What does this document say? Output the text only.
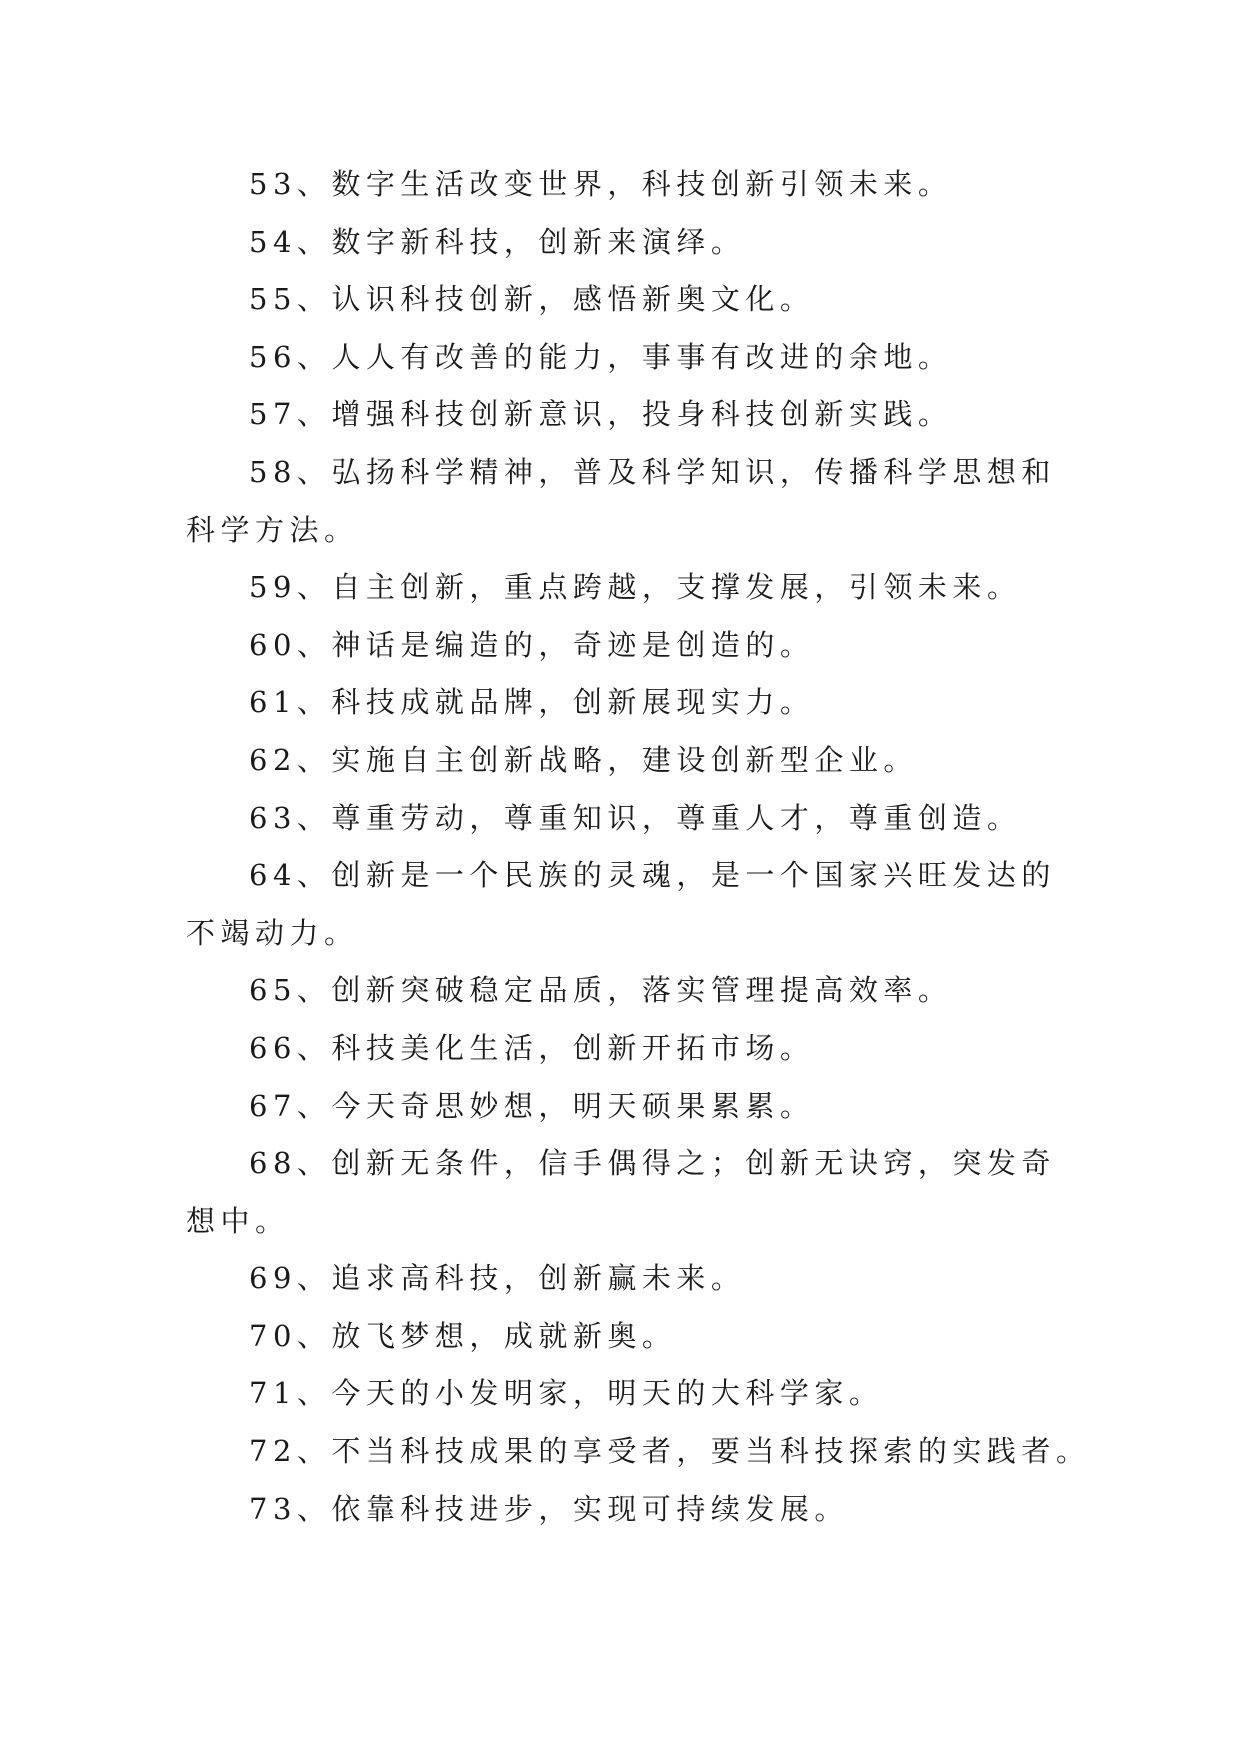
53、数字生活改变世界，科技创新引领未来。

54、数字新科技，创新来演绎。

55、认识科技创新，感悟新奥文化。

56、人人有改善的能力，事事有改进的余地。

57、增强科技创新意识，投身科技创新实践。

58、弘扬科学精神，普及科学知识，传播科学思想和科学方法。

59、自主创新，重点跨越，支撑发展，引领未来。

60、神话是编造的，奇迹是创造的。

61、科技成就品牌，创新展现实力。

62、实施自主创新战略，建设创新型企业。

63、尊重劳动，尊重知识，尊重人才，尊重创造。

64、创新是一个民族的灵魂，是一个国家兴旺发达的不竭动力。

65、创新突破稳定品质，落实管理提高效率。

66、科技美化生活，创新开拓市场。

67、今天奇思妙想，明天硕果累累。

68、创新无条件，信手偶得之；创新无诀窍，突发奇想中。

69、追求高科技，创新赢未来。

70、放飞梦想，成就新奥。

71、今天的小发明家，明天的大科学家。

72、不当科技成果的享受者，要当科技探索的实践者。

73、依靠科技进步，实现可持续发展。
